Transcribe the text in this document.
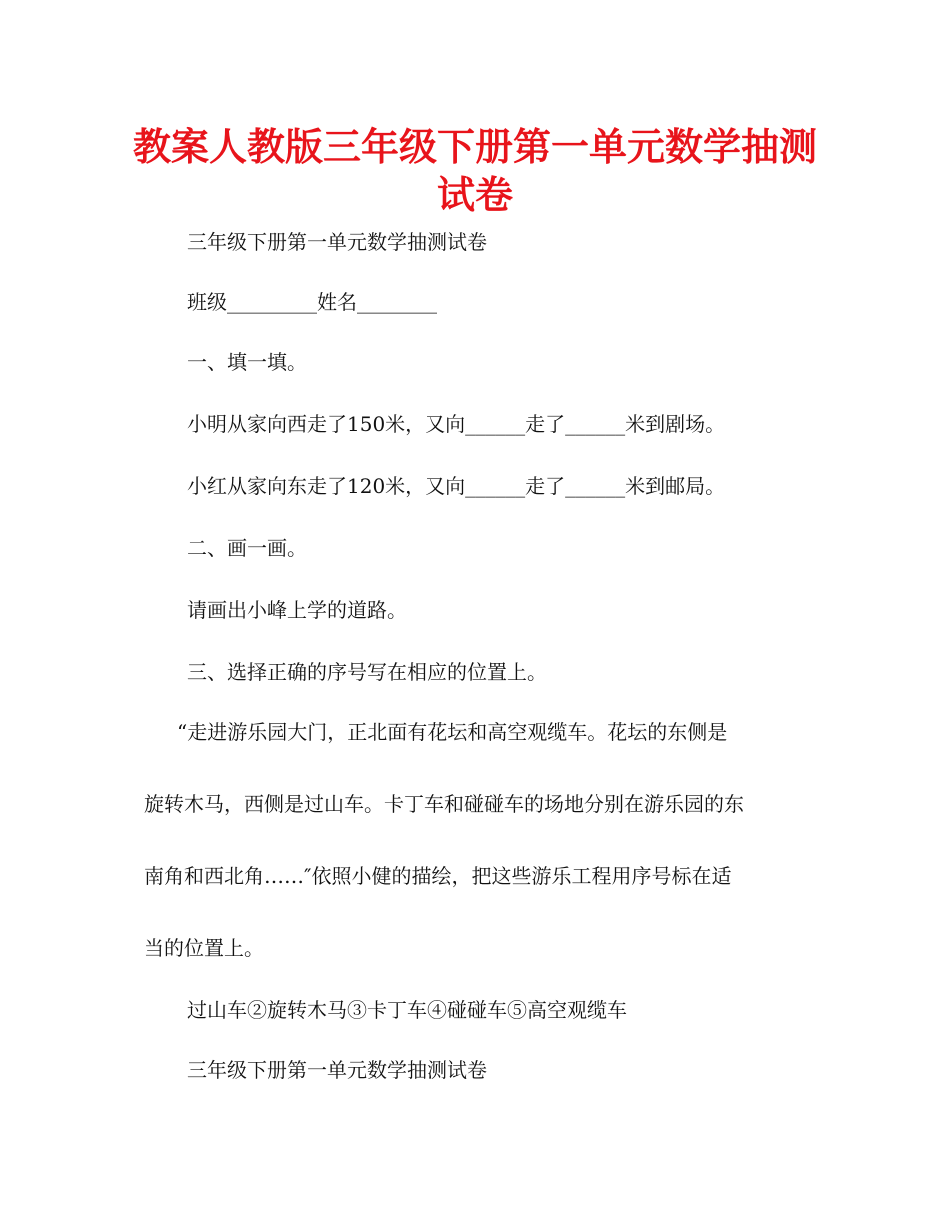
教案人教版三年级下册第一单元数学抽测
试卷

三年级下册第一单元数学抽测试卷

班级_________姓名________

一、填一填。

小明从家向西走了150米，又向______走了______米到剧场。

小红从家向东走了120米，又向______走了______米到邮局。

二、画一画。

请画出小峰上学的道路。

三、选择正确的序号写在相应的位置上。

“走进游乐园大门，正北面有花坛和高空观缆车。花坛的东侧是

旋转木马，西侧是过山车。卡丁车和碰碰车的场地分别在游乐园的东

南角和西北角……″依照小健的描绘，把这些游乐工程用序号标在适

当的位置上。

过山车②旋转木马③卡丁车④碰碰车⑤高空观缆车

三年级下册第一单元数学抽测试卷
